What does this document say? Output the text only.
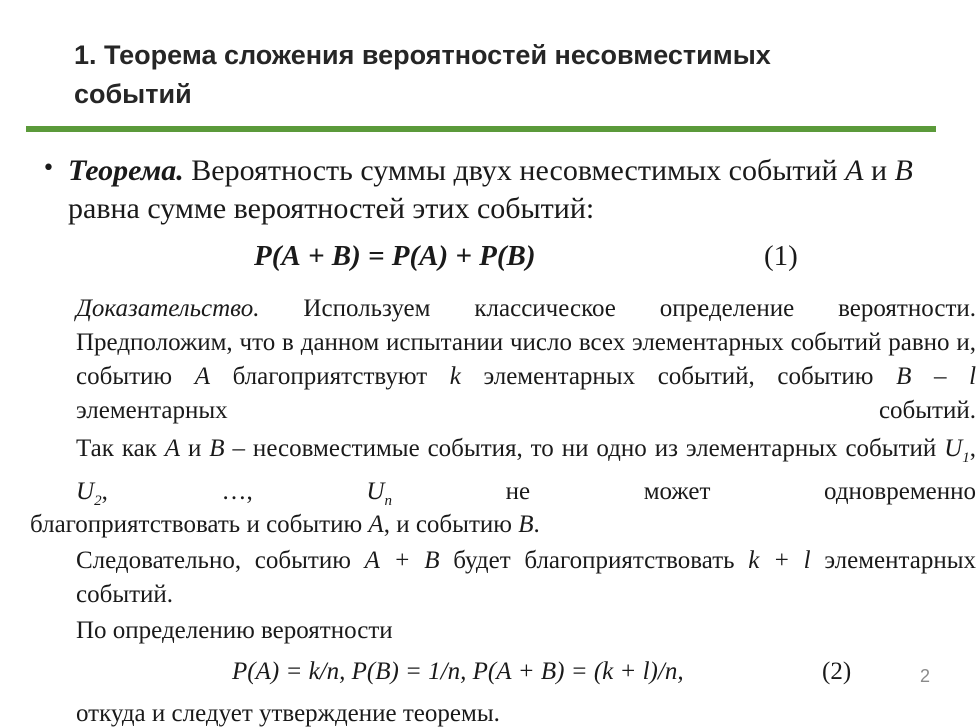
1. Теорема сложения вероятностей несовместимых событий
• Теорема. Вероятность суммы двух несовместимых событий А и В равна сумме вероятностей этих событий:
Р(А + В) = Р(А) + Р(В)	(1)
Доказательство. Используем классическое определение вероятности. Предположим, что в данном испытании число всех элементарных событий равно и, событию А благоприятствуют k элементарных событий, событию В – l элементарных событий.
Так как А и В – несовместимые события, то ни одно из элементарных событий $U_1$, $U_2$, …, $U_n$ не может одновременно
благоприятствовать и событию А, и событию В.
Следовательно, событию А + В будет благоприятствовать k + l элементарных событий.
По определению вероятности
Р(А) = k/n, Р(В) = 1/n, Р(А + В) = (k + l)/n,	(2)	2
откуда и следует утверждение теоремы.
